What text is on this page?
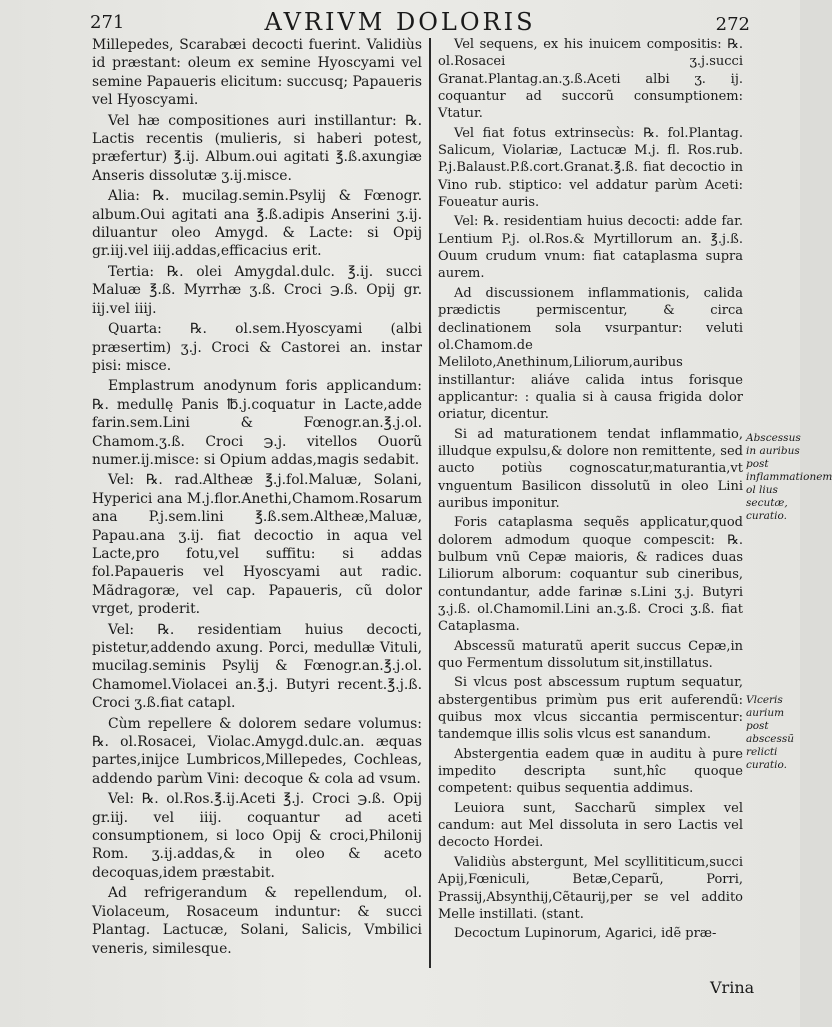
271	AVRIVM DOLORIS	272

Millepedes, Scarabæi decocti fuerint. Validiùs id præstant: oleum ex semine Hyoscyami vel semine Papaueris elicitum: succusq; Papaueris vel Hyoscyami.

Vel hæ compositiones auri instillantur: ℞. Lactis recentis (mulieris, si haberi potest, præfertur) ℥.ij. Album.oui agitati ℥.ß.axungiæ Anseris dissolutæ ʒ.ij.misce.

Alia: ℞. mucilag.semin.Psylij & Fœnogr. album.Oui agitati ana ℥.ß.adipis Anserini ʒ.ij. diluantur oleo Amygd. & Lacte: si Opij gr.iij.vel iiij.addas,efficacius erit.

Tertia: ℞. olei Amygdal.dulc. ℥.ij. succi Maluæ ℥.ß. Myrrhæ ʒ.ß. Croci ℈.ß. Opij gr. iij.vel iiij.

Quarta: ℞. ol.sem.Hyoscyami (albi præsertim) ʒ.j. Croci & Castorei an. instar pisi: misce.

Emplastrum anodynum foris applicandum: ℞. medullę Panis ℔.j.coquatur in Lacte,adde farin.sem.Lini & Fœnogr.an.℥.j.ol. Chamom.ʒ.ß. Croci ℈.j. vitellos Ouorũ numer.ij.misce: si Opium addas,magis sedabit.

Vel: ℞. rad.Altheæ ℥.j.fol.Maluæ, Solani, Hyperici ana M.j.flor.Anethi,Chamom.Rosarum ana P.j.sem.lini ℥.ß.sem.Altheæ,Maluæ, Papau.ana ʒ.ij. fiat decoctio in aqua vel Lacte,pro fotu,vel suffitu: si addas fol.Papaueris vel Hyoscyami aut radic. Mãdragoræ, vel cap. Papaueris, cũ dolor vrget, proderit.

Vel: ℞. residentiam huius decocti, pistetur,addendo axung. Porci, medullæ Vituli, mucilag.seminis Psylij & Fœnogr.an.℥.j.ol. Chamomel.Violacei an.℥.j. Butyri recent.℥.j.ß. Croci ʒ.ß.fiat catapl.

Cùm repellere & dolorem sedare volumus: ℞. ol.Rosacei, Violac.Amygd.dulc.an. æquas partes,inijce Lumbricos,Millepedes, Cochleas, addendo parùm Vini: decoque & cola ad vsum.

Vel: ℞. ol.Ros.℥.ij.Aceti ℥.j. Croci ℈.ß. Opij gr.iij. vel iiij. coquantur ad aceti consumptionem, si loco Opij & croci,Philonij Rom. ʒ.ij.addas,& in oleo & aceto decoquas,idem præstabit.

Ad refrigerandum & repellendum, ol. Violaceum, Rosaceum induntur: & succi Plantag. Lactucæ, Solani, Salicis, Vmbilici veneris, similesque.

Vel sequens, ex his inuicem compositis: ℞. ol.Rosacei ʒ.j.succi Granat.Plantag.an.ʒ.ß.Aceti albi ʒ. ij. coquantur ad succorũ consumptionem: Vtatur.

Vel fiat fotus extrinsecùs: ℞. fol.Plantag. Salicum, Violariæ, Lactucæ M.j. fl. Ros.rub. P.j.Balaust.P.ß.cort.Granat.℥.ß. fiat decoctio in Vino rub. stiptico: vel addatur parùm Aceti: Foueatur auris.

Vel: ℞. residentiam huius decocti: adde far. Lentium P.j. ol.Ros.& Myrtillorum an. ℥.j.ß. Ouum crudum vnum: fiat cataplasma supra aurem.

Ad discussionem inflammationis, calida prædictis permiscentur, & circa declinationem sola vsurpantur: veluti ol.Chamom.de Meliloto,Anethinum,Liliorum,auribus instillantur: aliáve calida intus forisque applicantur: : qualia si à causa frigida dolor oriatur, dicentur.

Si ad maturationem tendat inflammatio, illudque expulsu,& dolore non remittente, sed aucto potiùs cognoscatur,maturantia,vt vnguentum Basilicon dissolutũ in oleo Lini auribus imponitur.

Foris cataplasma sequẽs applicatur,quod dolorem admodum quoque compescit: ℞. bulbum vnũ Cepæ maioris, & radices duas Liliorum alborum: coquantur sub cineribus, contundantur, adde farinæ s.Lini ʒ.j. Butyri ʒ.j.ß. ol.Chamomil.Lini an.ʒ.ß. Croci ʒ.ß. fiat Cataplasma.

Abscessũ maturatũ aperit succus Cepæ,in quo Fermentum dissolutum sit,instillatus.

Si vlcus post abscessum ruptum sequatur, abstergentibus primùm pus erit auferendũ: quibus mox vlcus siccantia permiscentur: tandemque illis solis vlcus est sanandum.

Abstergentia eadem quæ in auditu à pure impedito descripta sunt,hîc quoque competent: quibus sequentia addimus.

Leuiora sunt, Saccharũ simplex vel candum: aut Mel dissoluta in sero Lactis vel decocto Hordei.

Validiùs abstergunt, Mel scyllititicum,succi Apij,Fœniculi, Betæ,Ceparũ, Porri, Prassij,Absynthij,Cẽtaurij,per se vel addito Melle instillati. (stant.

Decoctum Lupinorum, Agarici, idẽ præ-

Abscessus in auribus post inflammationem ol lius secutæ, curatio.
Vlceris aurium post abscessũ relicti curatio.
Vrina
